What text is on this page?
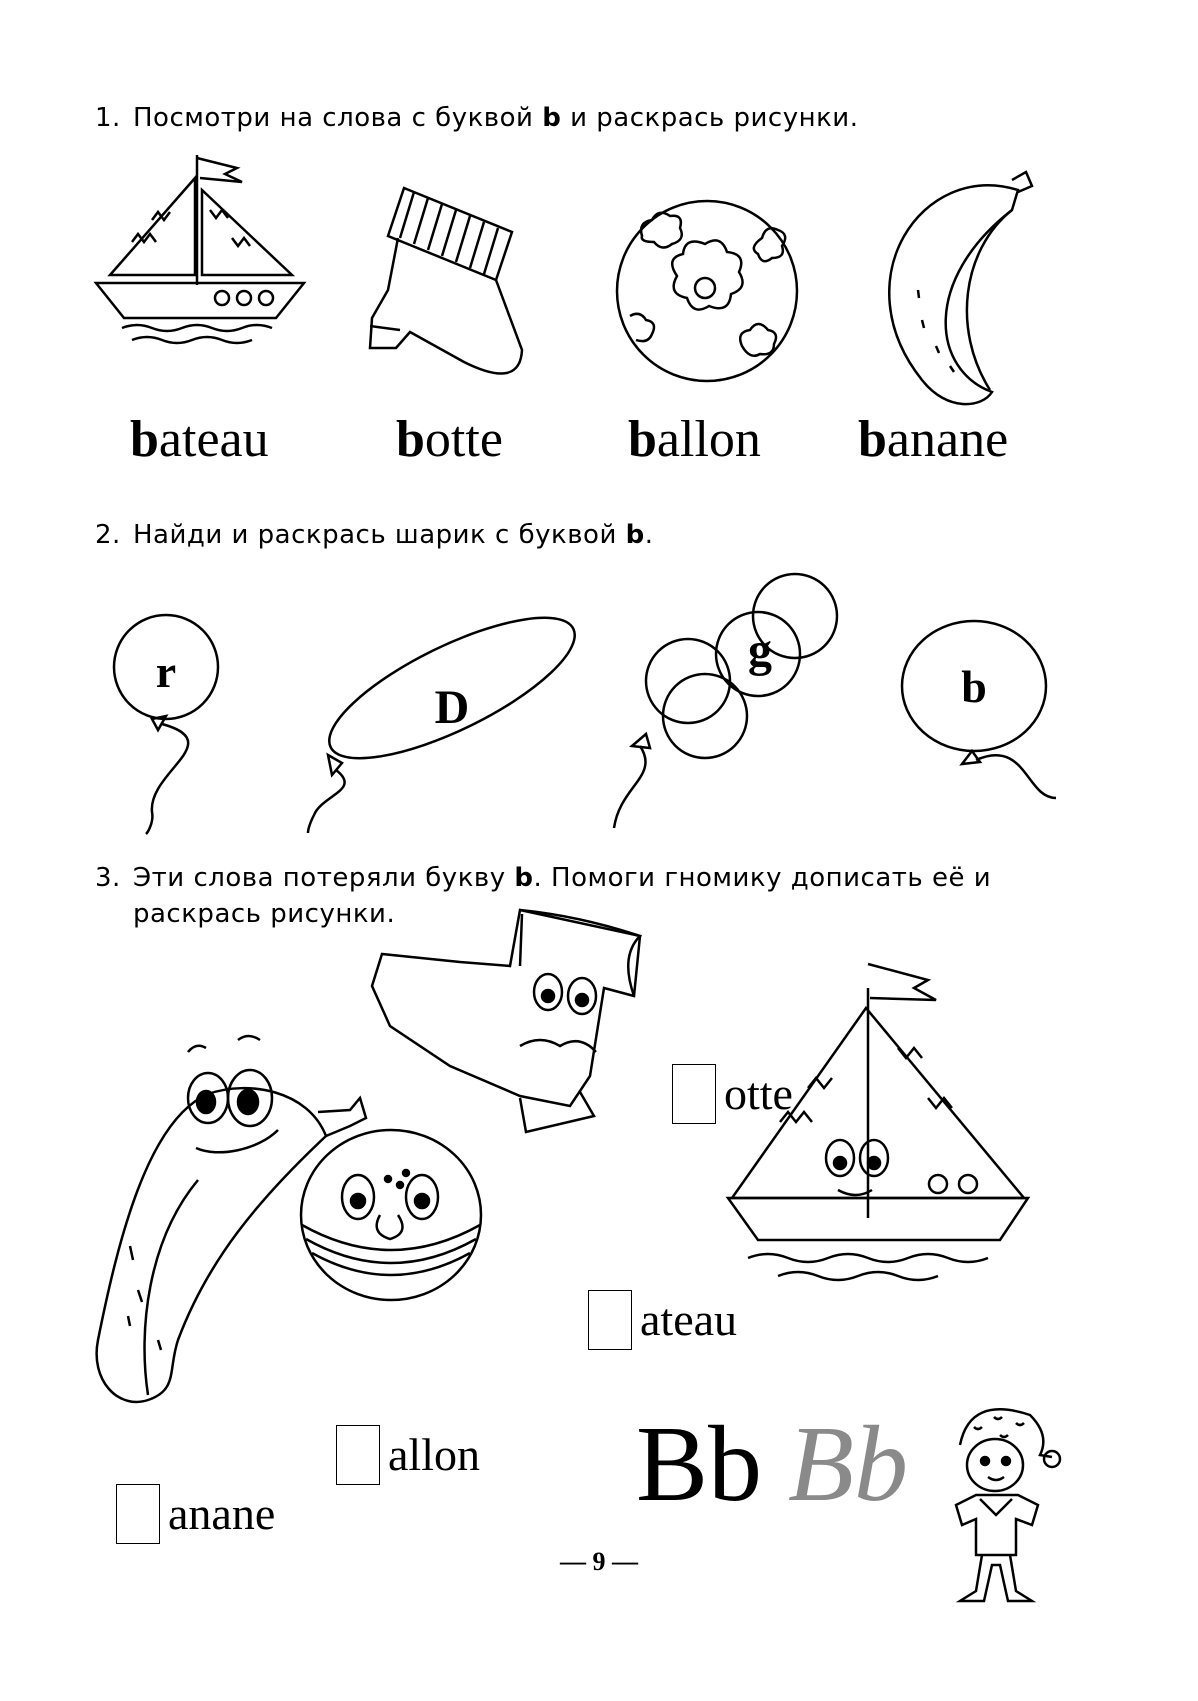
1. Посмотри на слова с буквой b и раскрась рисунки.
bateau botte ballon banane
2. Найди и раскрась шарик с буквой b.
r
D
g
b
3. Эти слова потеряли букву b. Помоги гномику дописать её и
раскрась рисунки.
otte
ateau
allon
anane	Bb Bb
— 9 —
